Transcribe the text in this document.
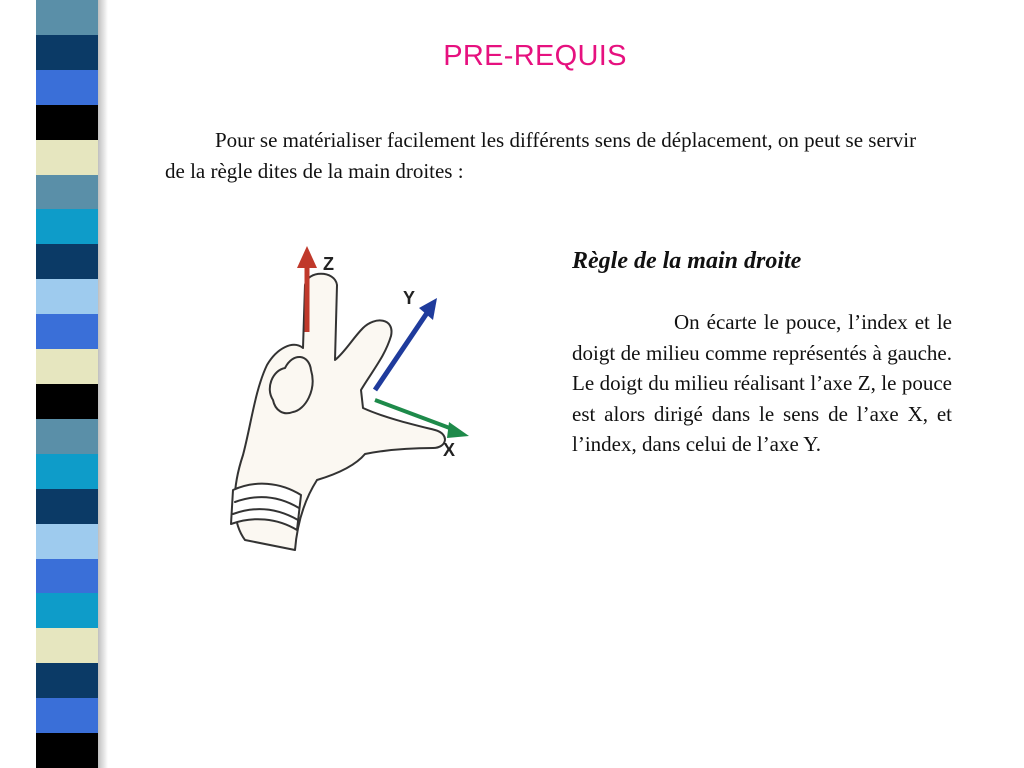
PRE-REQUIS

Pour se matérialiser facilement les différents sens de déplacement, on peut se servir de la règle dites de la main droites :

Z
Y
X
Règle de la main droite

On écarte le pouce, l’index et le doigt de milieu comme représentés à gauche. Le doigt du milieu réalisant l’axe Z, le pouce est alors dirigé dans le sens de l’axe X, et l’index, dans celui de l’axe Y.
